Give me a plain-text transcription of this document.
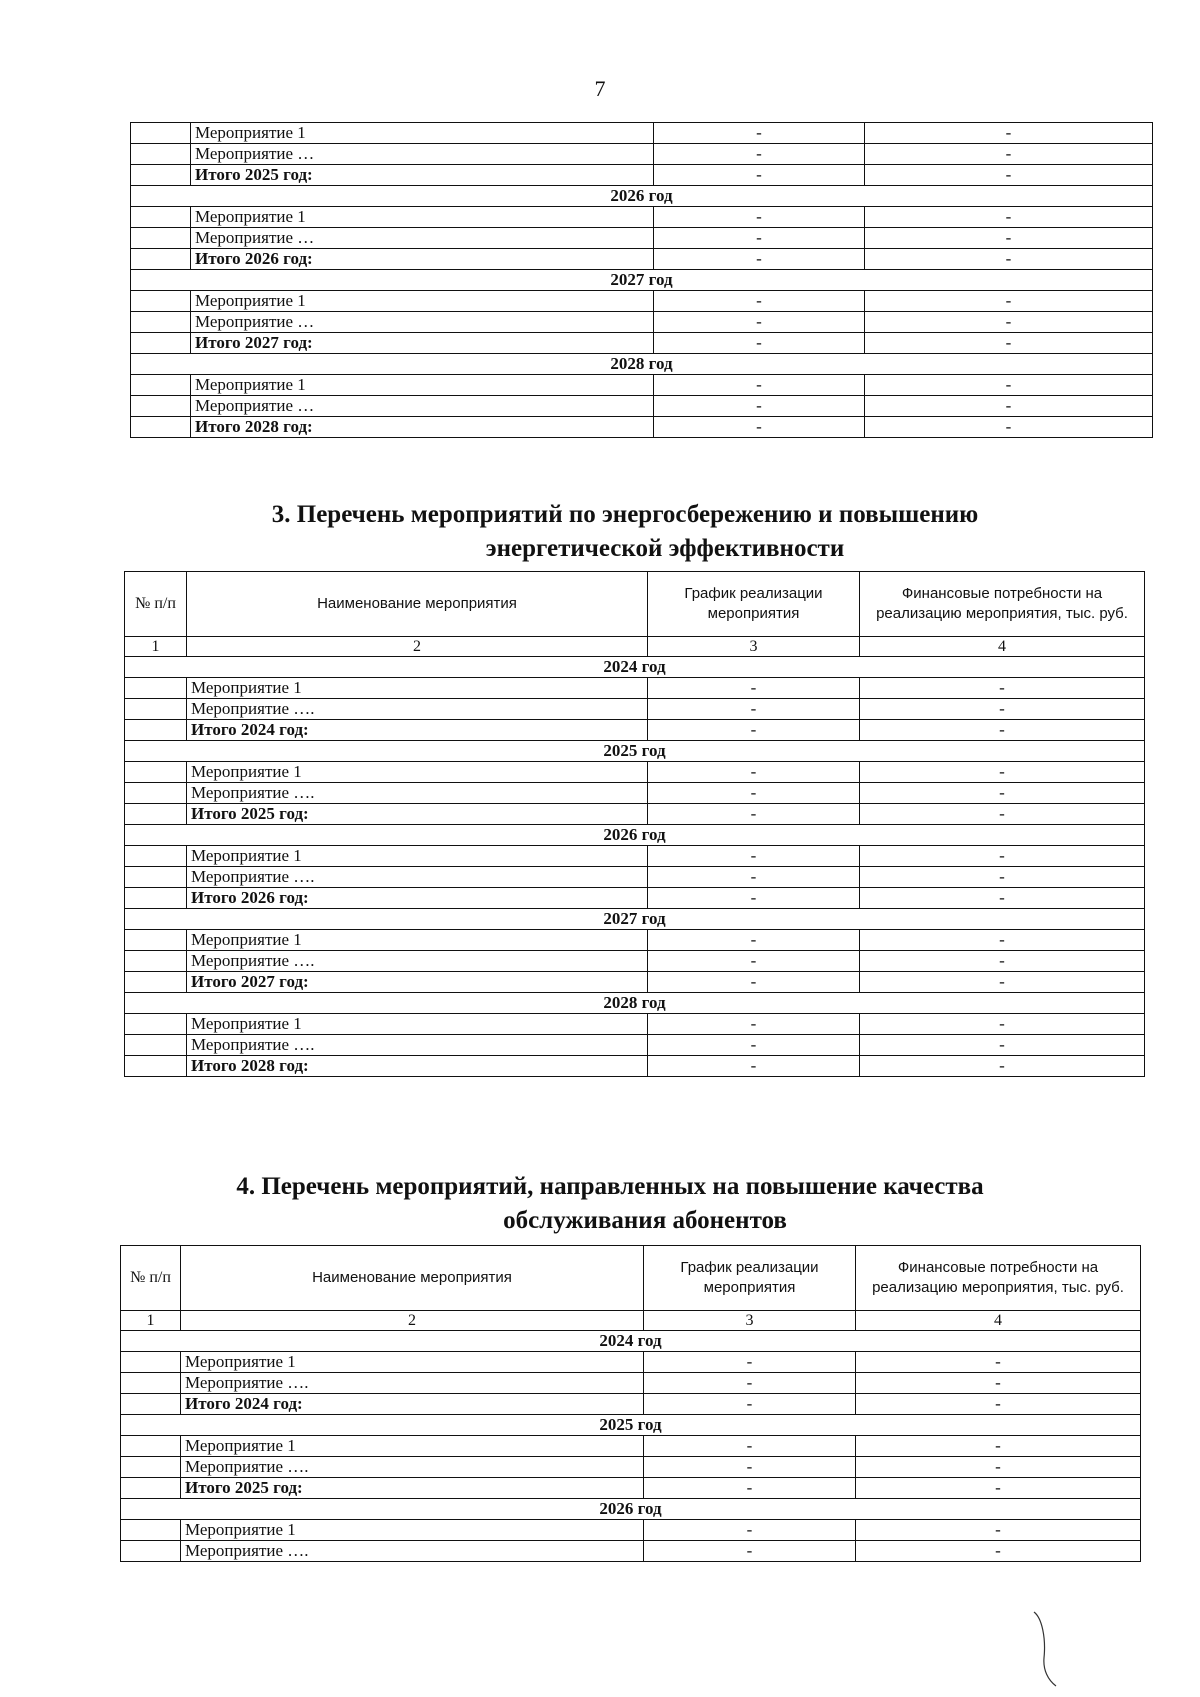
7
	Мероприятие 1	-	-
	Мероприятие …	-	-
	Итого 2025 год:	-	-
2026 год			
	Мероприятие 1	-	-
	Мероприятие …	-	-
	Итого 2026 год:	-	-
2027 год			
	Мероприятие 1	-	-
	Мероприятие …	-	-
	Итого 2027 год:	-	-
2028 год			
	Мероприятие 1	-	-
	Мероприятие …	-	-
	Итого 2028 год:	-	-
3. Перечень мероприятий по энергосбережению и повышению
энергетической эффективности
№ п/п	Наименование мероприятия	График реализации мероприятия	Финансовые потребности на реализацию мероприятия, тыс. руб.
1	2	3	4
2024 год			
	Мероприятие 1	-	-
	Мероприятие ….	-	-
	Итого 2024 год:	-	-
2025 год			
	Мероприятие 1	-	-
	Мероприятие ….	-	-
	Итого 2025 год:	-	-
2026 год			
	Мероприятие 1	-	-
	Мероприятие ….	-	-
	Итого 2026 год:	-	-
2027 год			
	Мероприятие 1	-	-
	Мероприятие ….	-	-
	Итого 2027 год:	-	-
2028 год			
	Мероприятие 1	-	-
	Мероприятие ….	-	-
	Итого 2028 год:	-	-
4. Перечень мероприятий, направленных на повышение качества
обслуживания абонентов
№ п/п	Наименование мероприятия	График реализации мероприятия	Финансовые потребности на реализацию мероприятия, тыс. руб.
1	2	3	4
2024 год			
	Мероприятие 1	-	-
	Мероприятие ….	-	-
	Итого 2024 год:	-	-
2025 год			
	Мероприятие 1	-	-
	Мероприятие ….	-	-
	Итого 2025 год:	-	-
2026 год			
	Мероприятие 1	-	-
	Мероприятие ….	-	-
